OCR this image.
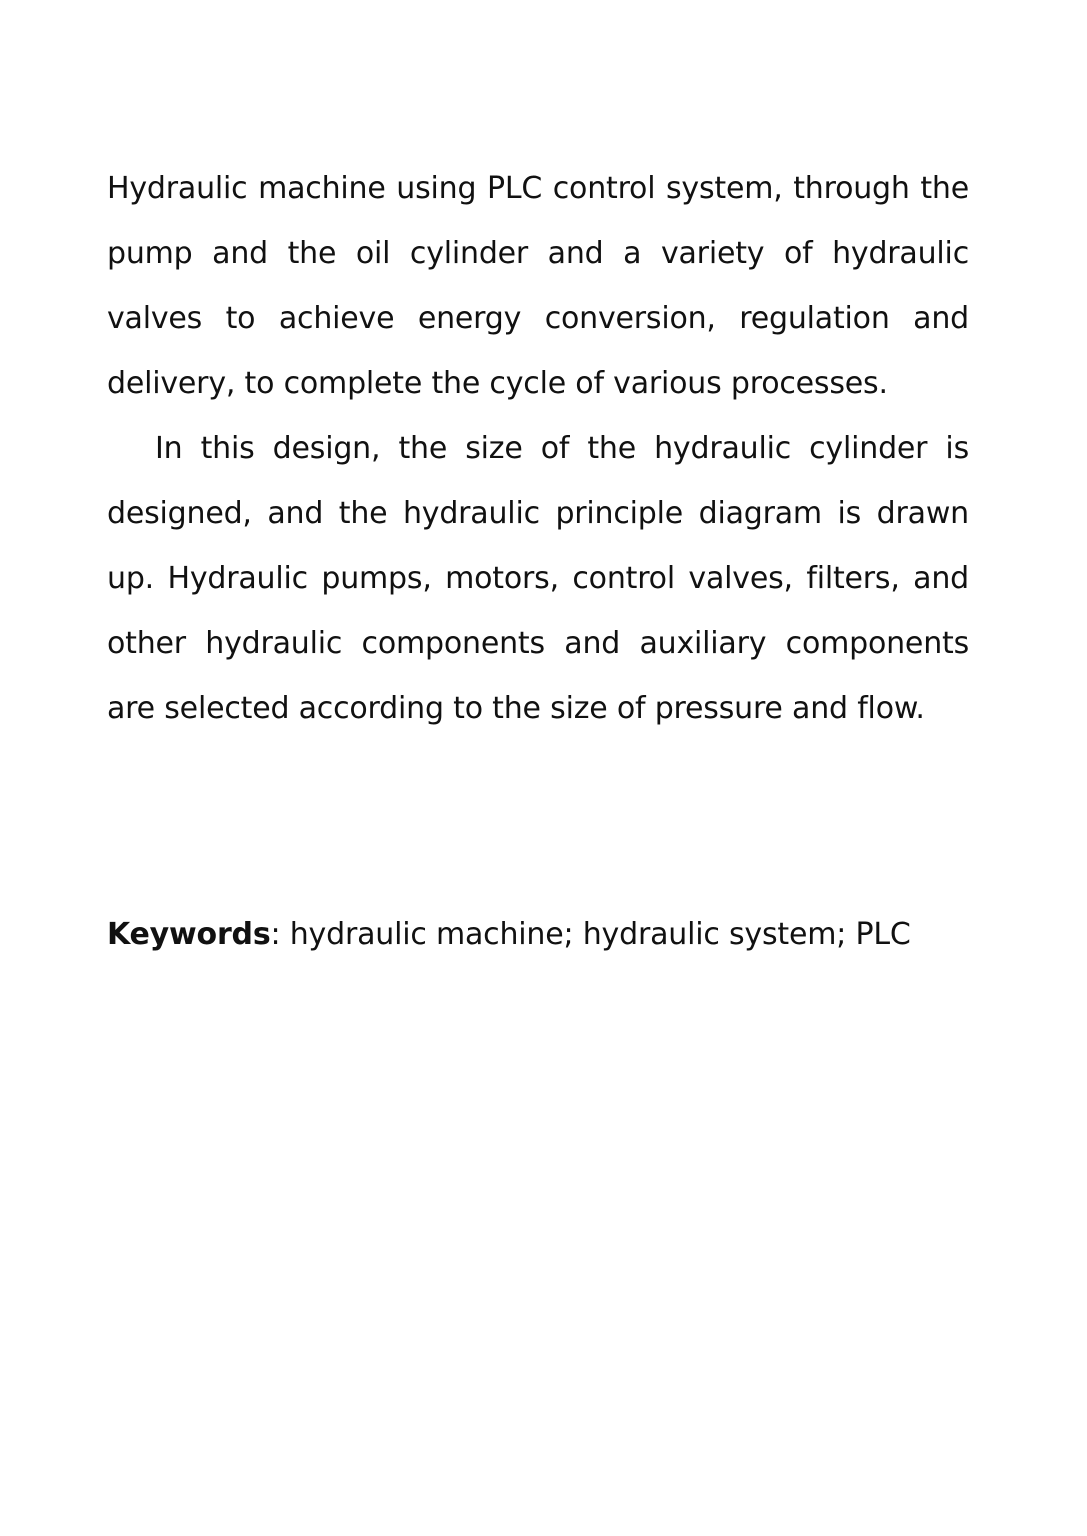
Hydraulic machine using PLC control system, through the pump and the oil cylinder and a variety of hydraulic valves to achieve energy conversion, regulation and delivery, to complete the cycle of various processes.

In this design, the size of the hydraulic cylinder is designed, and the hydraulic principle diagram is drawn up. Hydraulic pumps, motors, control valves, filters, and other hydraulic components and auxiliary components are selected according to the size of pressure and flow.

Keywords: hydraulic machine; hydraulic system; PLC
